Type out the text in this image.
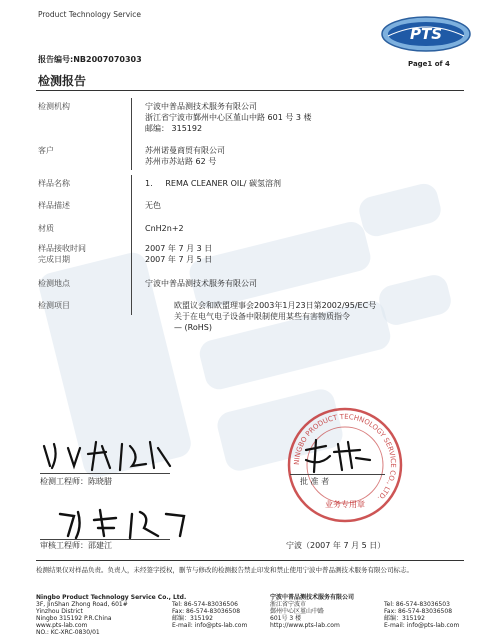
Product Technology Service
报告编号:NB2007070303
PTS
Page1 of 4
检测报告
检测机构	宁波中普品测技术服务有限公司
浙江省宁波市鄞州中心区堇山中路 601 号 3 楼
邮编： 315192
客户	苏州诺曼商贸有限公司
苏州市苏站路 62 号
样品名称	1. REMA CLEANER OIL/ 碳氢溶剂
样品描述	无色
材质	CnH2n+2
样品接收时间	2007 年 7 月 3 日
完成日期	2007 年 7 月 5 日
检测地点	宁波中普品测技术服务有限公司
检测项目	欧盟议会和欧盟理事会2003年1月23日第2002/95/EC号
关于在电气电子设备中限制使用某些有害物质指令
— (RoHS)
检测工程师：陈晓腊
审核工程师：邵建江
NINGBO PRODUCT TECHNOLOGY SERVICE CO., LTD.
业务专用章
批 准 者
宁波（2007 年 7 月 5 日）
检测结果仅对样品负责。负责人，未经签字授权，删节与修改的检测报告禁止印发和禁止使用宁波中普品测技术服务有限公司标志。
Ningbo Product Technology Service Co., Ltd.
3F, JinShan Zhong Road, 601#
Yinzhou District
Ningbo 315192 P.R.China
www.pts-lab.com
NO.: KC-XRC-0830/01
Tel: 86-574-83036506
Fax: 86-574-83036508
邮编：315192
E-mail: info@pts-lab.com
宁波中普品测技术服务有限公司
浙江省宁波市
鄞州中心区堇山中路
601号 3 楼
http://www.pts-lab.com
Tel: 86-574-83036503
Fax: 86-574-83036508
邮编：315192
E-mail: info@pts-lab.com
